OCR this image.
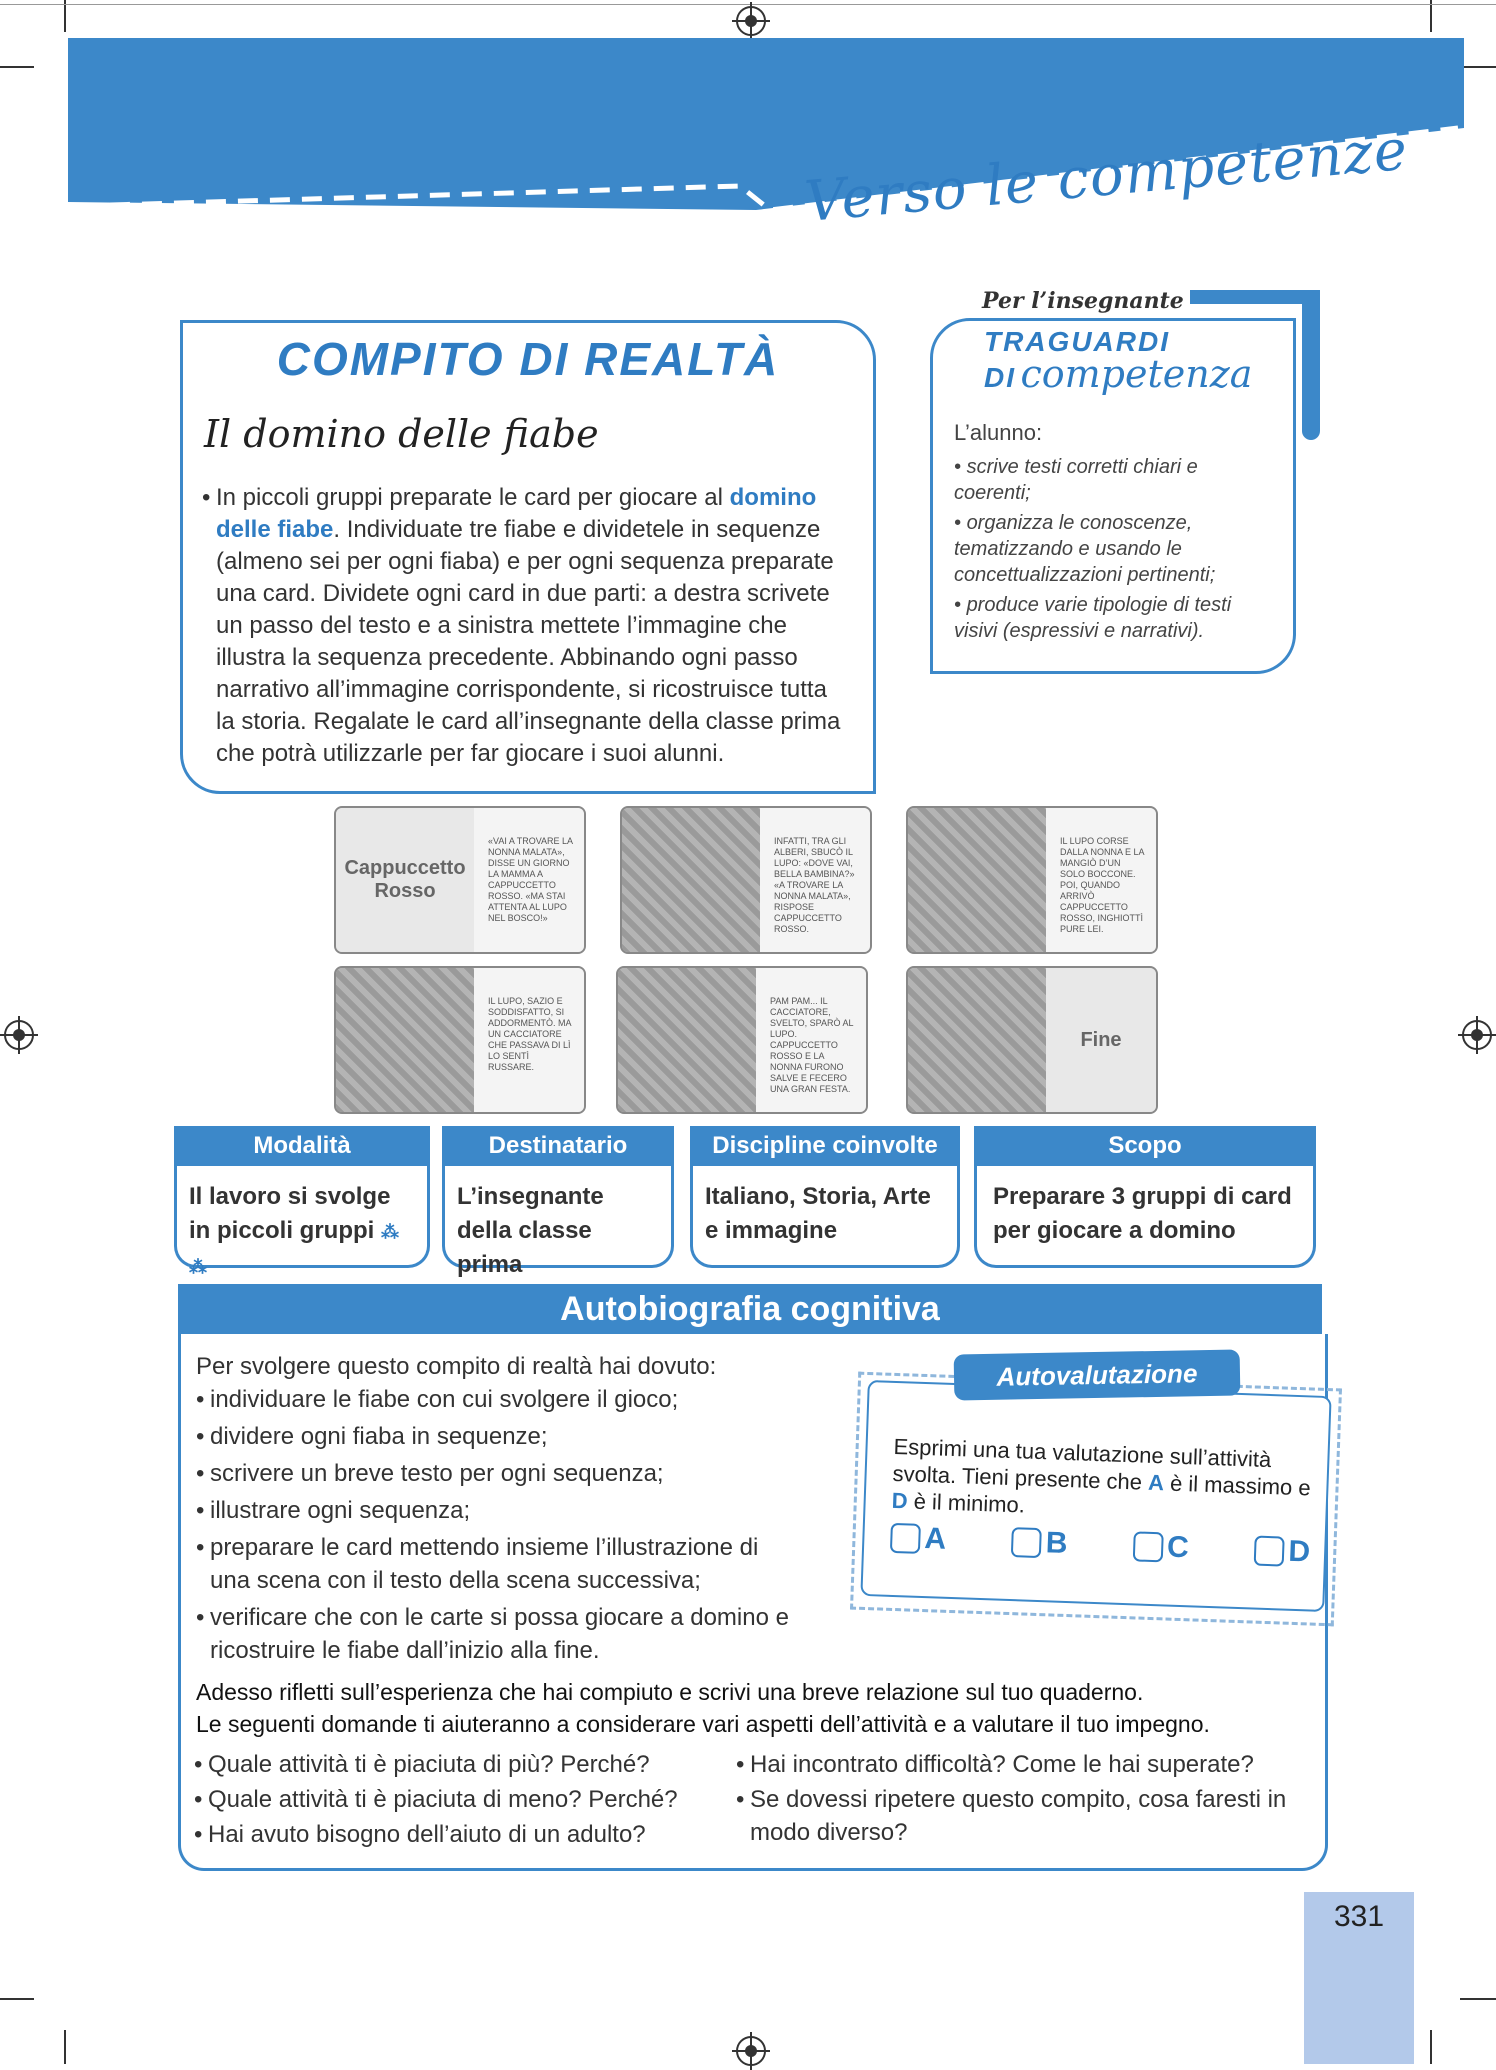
Verso le competenze
COMPITO DI REALTÀ
Il domino delle fiabe
• In piccoli gruppi preparate le card per giocare al domino delle fiabe. Individuate tre fiabe e dividetele in sequenze (almeno sei per ogni fiaba) e per ogni sequenza preparate una card. Dividete ogni card in due parti: a destra scrivete un passo del testo e a sinistra mettete l’immagine che illustra la sequenza precedente. Abbinando ogni passo narrativo all’immagine corrispondente, si ricostruisce tutta la storia. Regalate le card all’insegnante della classe prima che potrà utilizzarle per far giocare i suoi alunni.
Per l’insegnante
TRAGUARDI
DI competenza
L’alunno:
• scrive testi corretti chiari e coerenti;
• organizza le conoscenze, tematizzando e usando le concettualizzazioni pertinenti;
• produce varie tipologie di testi visivi (espressivi e narrativi).
Cappuccetto Rosso
«VAI A TROVARE LA NONNA MALATA», DISSE UN GIORNO LA MAMMA A CAPPUCCETTO ROSSO. «MA STAI ATTENTA AL LUPO NEL BOSCO!»
INFATTI, TRA GLI ALBERI, SBUCÒ IL LUPO: «DOVE VAI, BELLA BAMBINA?» «A TROVARE LA NONNA MALATA», RISPOSE CAPPUCCETTO ROSSO.
IL LUPO CORSE DALLA NONNA E LA MANGIÒ D’UN SOLO BOCCONE. POI, QUANDO ARRIVÒ CAPPUCCETTO ROSSO, INGHIOTTÌ PURE LEI.
IL LUPO, SAZIO E SODDISFATTO, SI ADDORMENTÒ. MA UN CACCIATORE CHE PASSAVA DI LÌ LO SENTÌ RUSSARE.
PAM PAM... IL CACCIATORE, SVELTO, SPARÒ AL LUPO. CAPPUCCETTO ROSSO E LA NONNA FURONO SALVE E FECERO UNA GRAN FESTA.
Fine
Modalità
Il lavoro si svolge in piccoli gruppi ⁂ ⁂
Destinatario
L’insegnante della classe prima
Discipline coinvolte
Italiano, Storia, Arte e immagine
Scopo
Preparare 3 gruppi di card per giocare a domino
Autobiografia cognitiva
Per svolgere questo compito di realtà hai dovuto:
• individuare le fiabe con cui svolgere il gioco;
• dividere ogni fiaba in sequenze;
• scrivere un breve testo per ogni sequenza;
• illustrare ogni sequenza;
• preparare le card mettendo insieme l’illustrazione di una scena con il testo della scena successiva;
• verificare che con le carte si possa giocare a domino e ricostruire le fiabe dall’inizio alla fine.
Esprimi una tua valutazione sull’attività svolta. Tieni presente che A è il massimo e D è il minimo.
A	B	C	D
Autovalutazione
Adesso rifletti sull’esperienza che hai compiuto e scrivi una breve relazione sul tuo quaderno.
Le seguenti domande ti aiuteranno a considerare vari aspetti dell’attività e a valutare il tuo impegno.
• Quale attività ti è piaciuta di più? Perché?
• Quale attività ti è piaciuta di meno? Perché?
• Hai avuto bisogno dell’aiuto di un adulto?
• Hai incontrato difficoltà? Come le hai superate?
• Se dovessi ripetere questo compito, cosa faresti in modo diverso?
331
